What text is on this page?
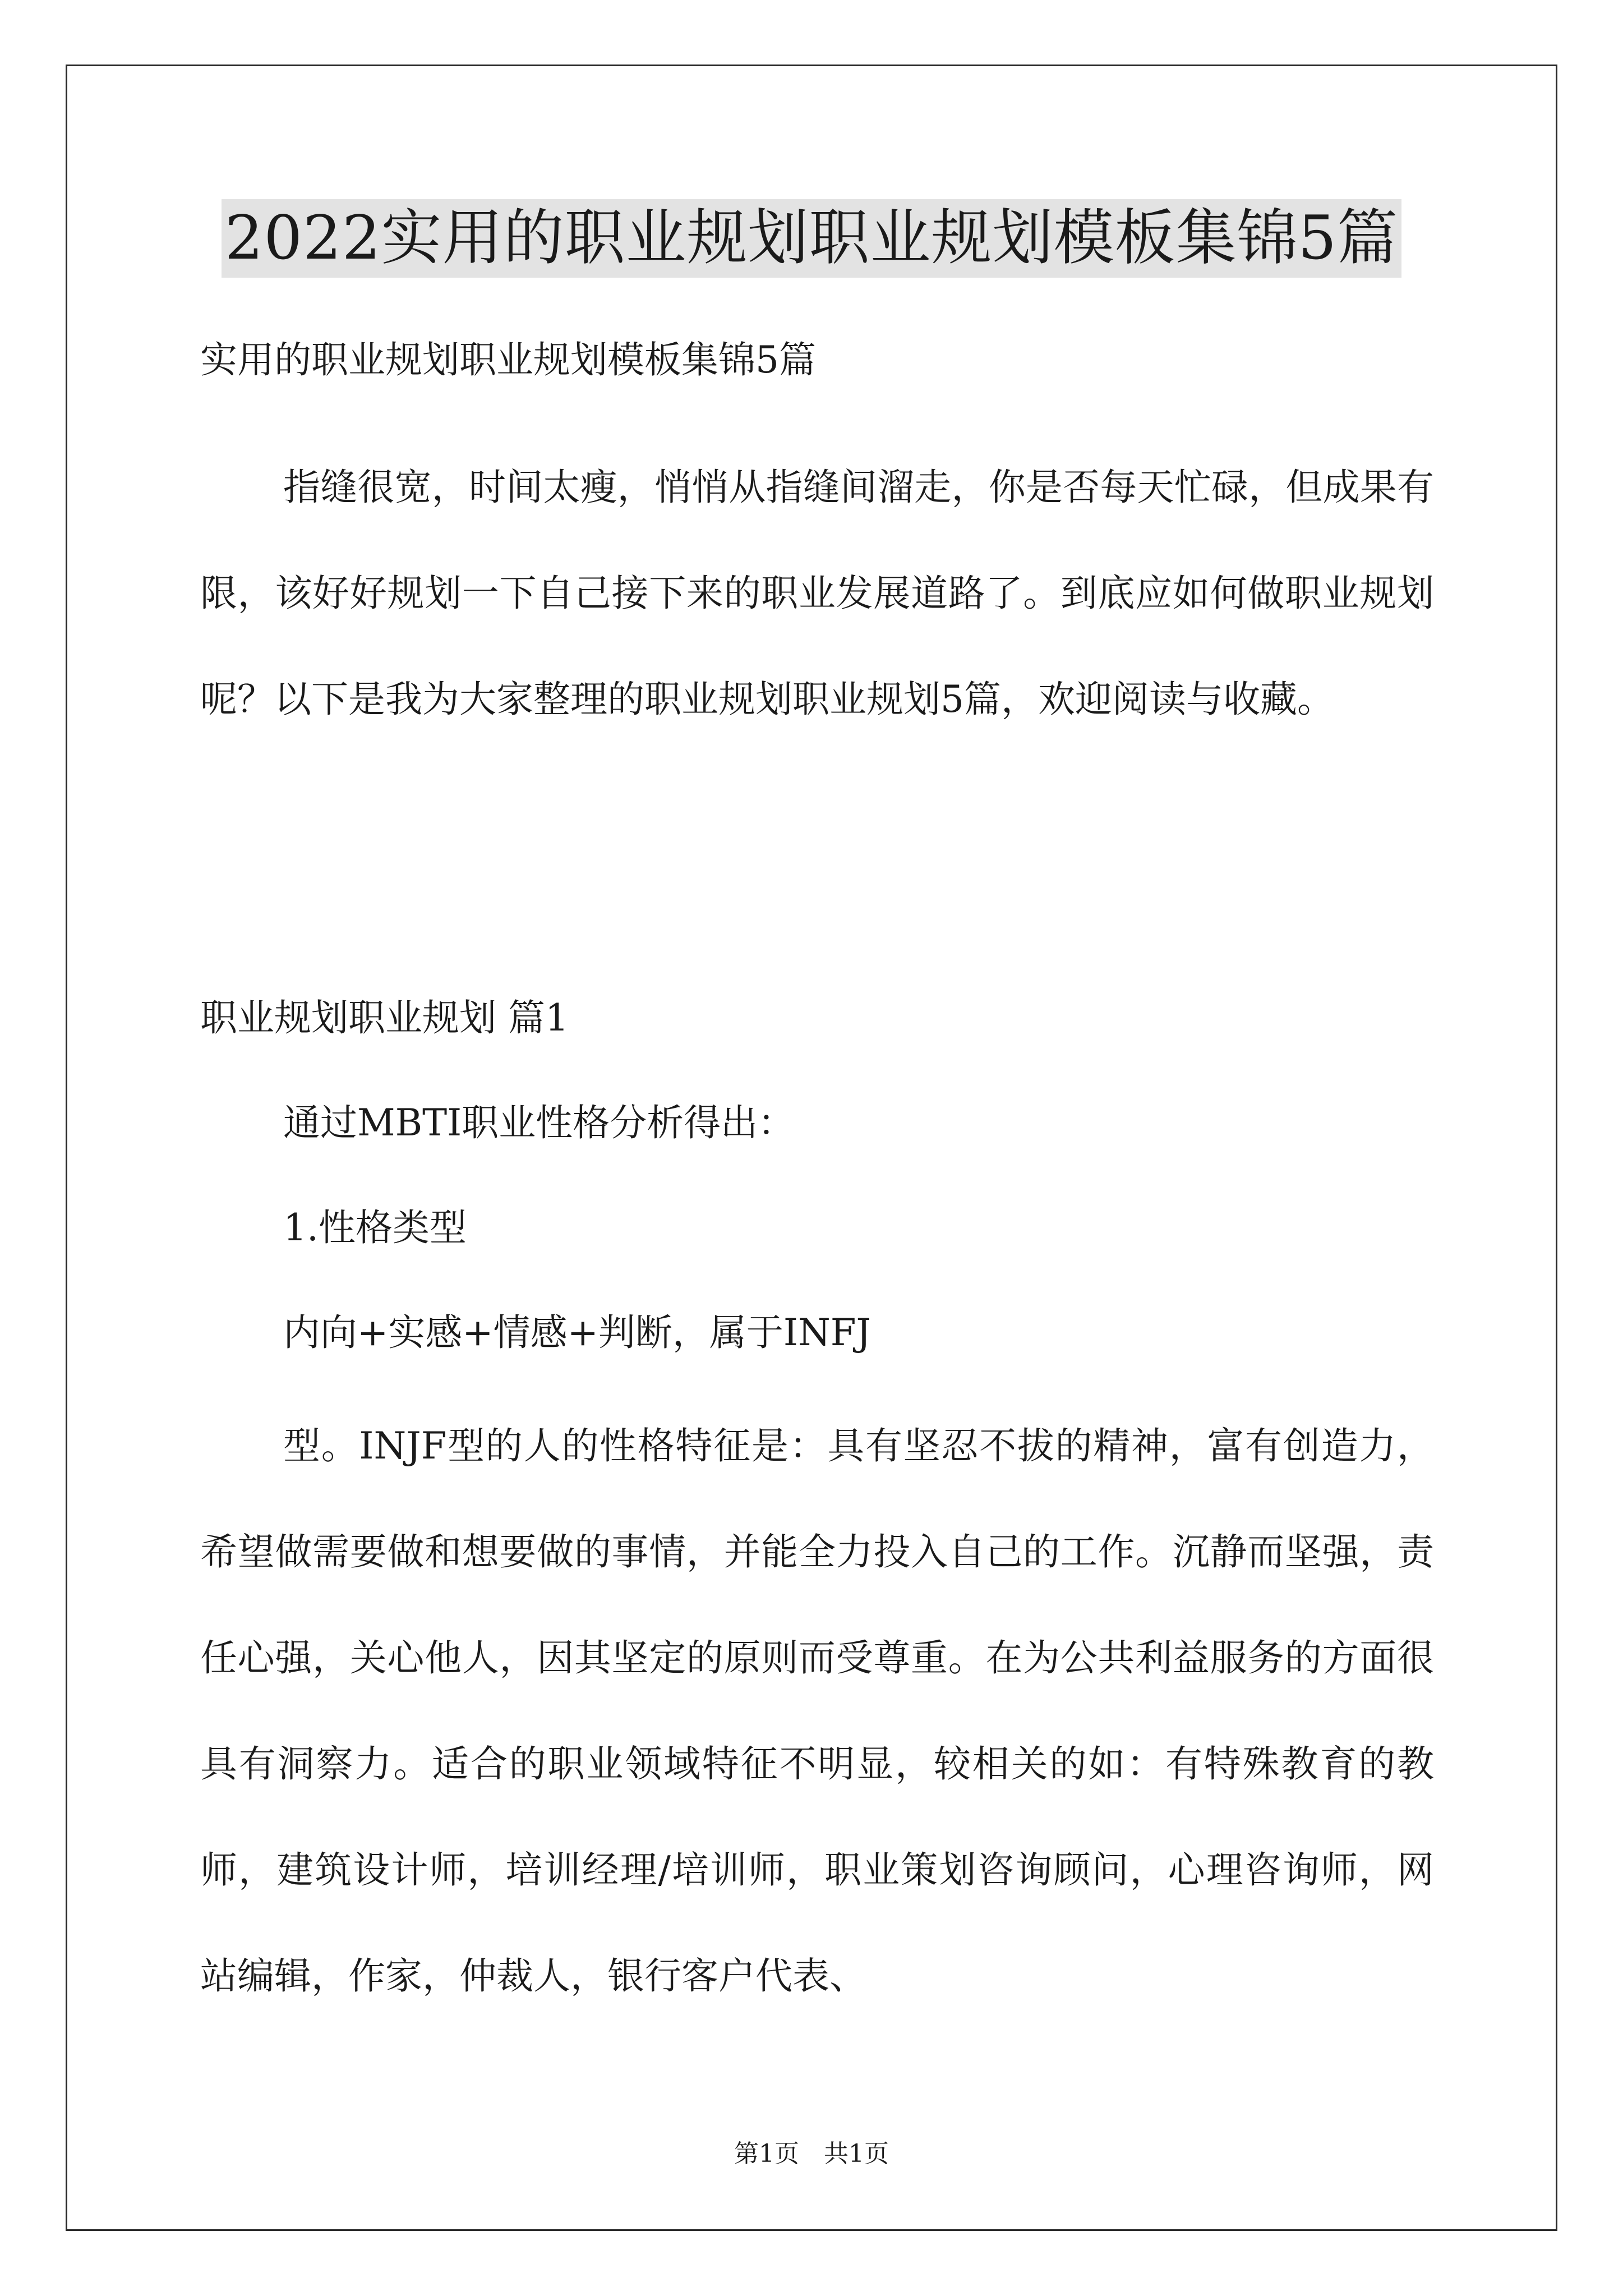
2022实用的职业规划职业规划模板集锦5篇
实用的职业规划职业规划模板集锦5篇
指缝很宽，时间太瘦，悄悄从指缝间溜走，你是否每天忙碌，但成果有限，该好好规划一下自己接下来的职业发展道路了。到底应如何做职业规划呢？以下是我为大家整理的职业规划职业规划5篇，欢迎阅读与收藏。
职业规划职业规划 篇1
通过MBTI职业性格分析得出：
1.性格类型
内向+实感+情感+判断，属于INFJ
型。INJF型的人的性格特征是：具有坚忍不拔的精神，富有创造力，希望做需要做和想要做的事情，并能全力投入自己的工作。沉静而坚强，责任心强，关心他人，因其坚定的原则而受尊重。在为公共利益服务的方面很具有洞察力。适合的职业领域特征不明显，较相关的如：有特殊教育的教师，建筑设计师，培训经理/培训师，职业策划咨询顾问，心理咨询师，网站编辑，作家，仲裁人，银行客户代表、
第1页　共1页
